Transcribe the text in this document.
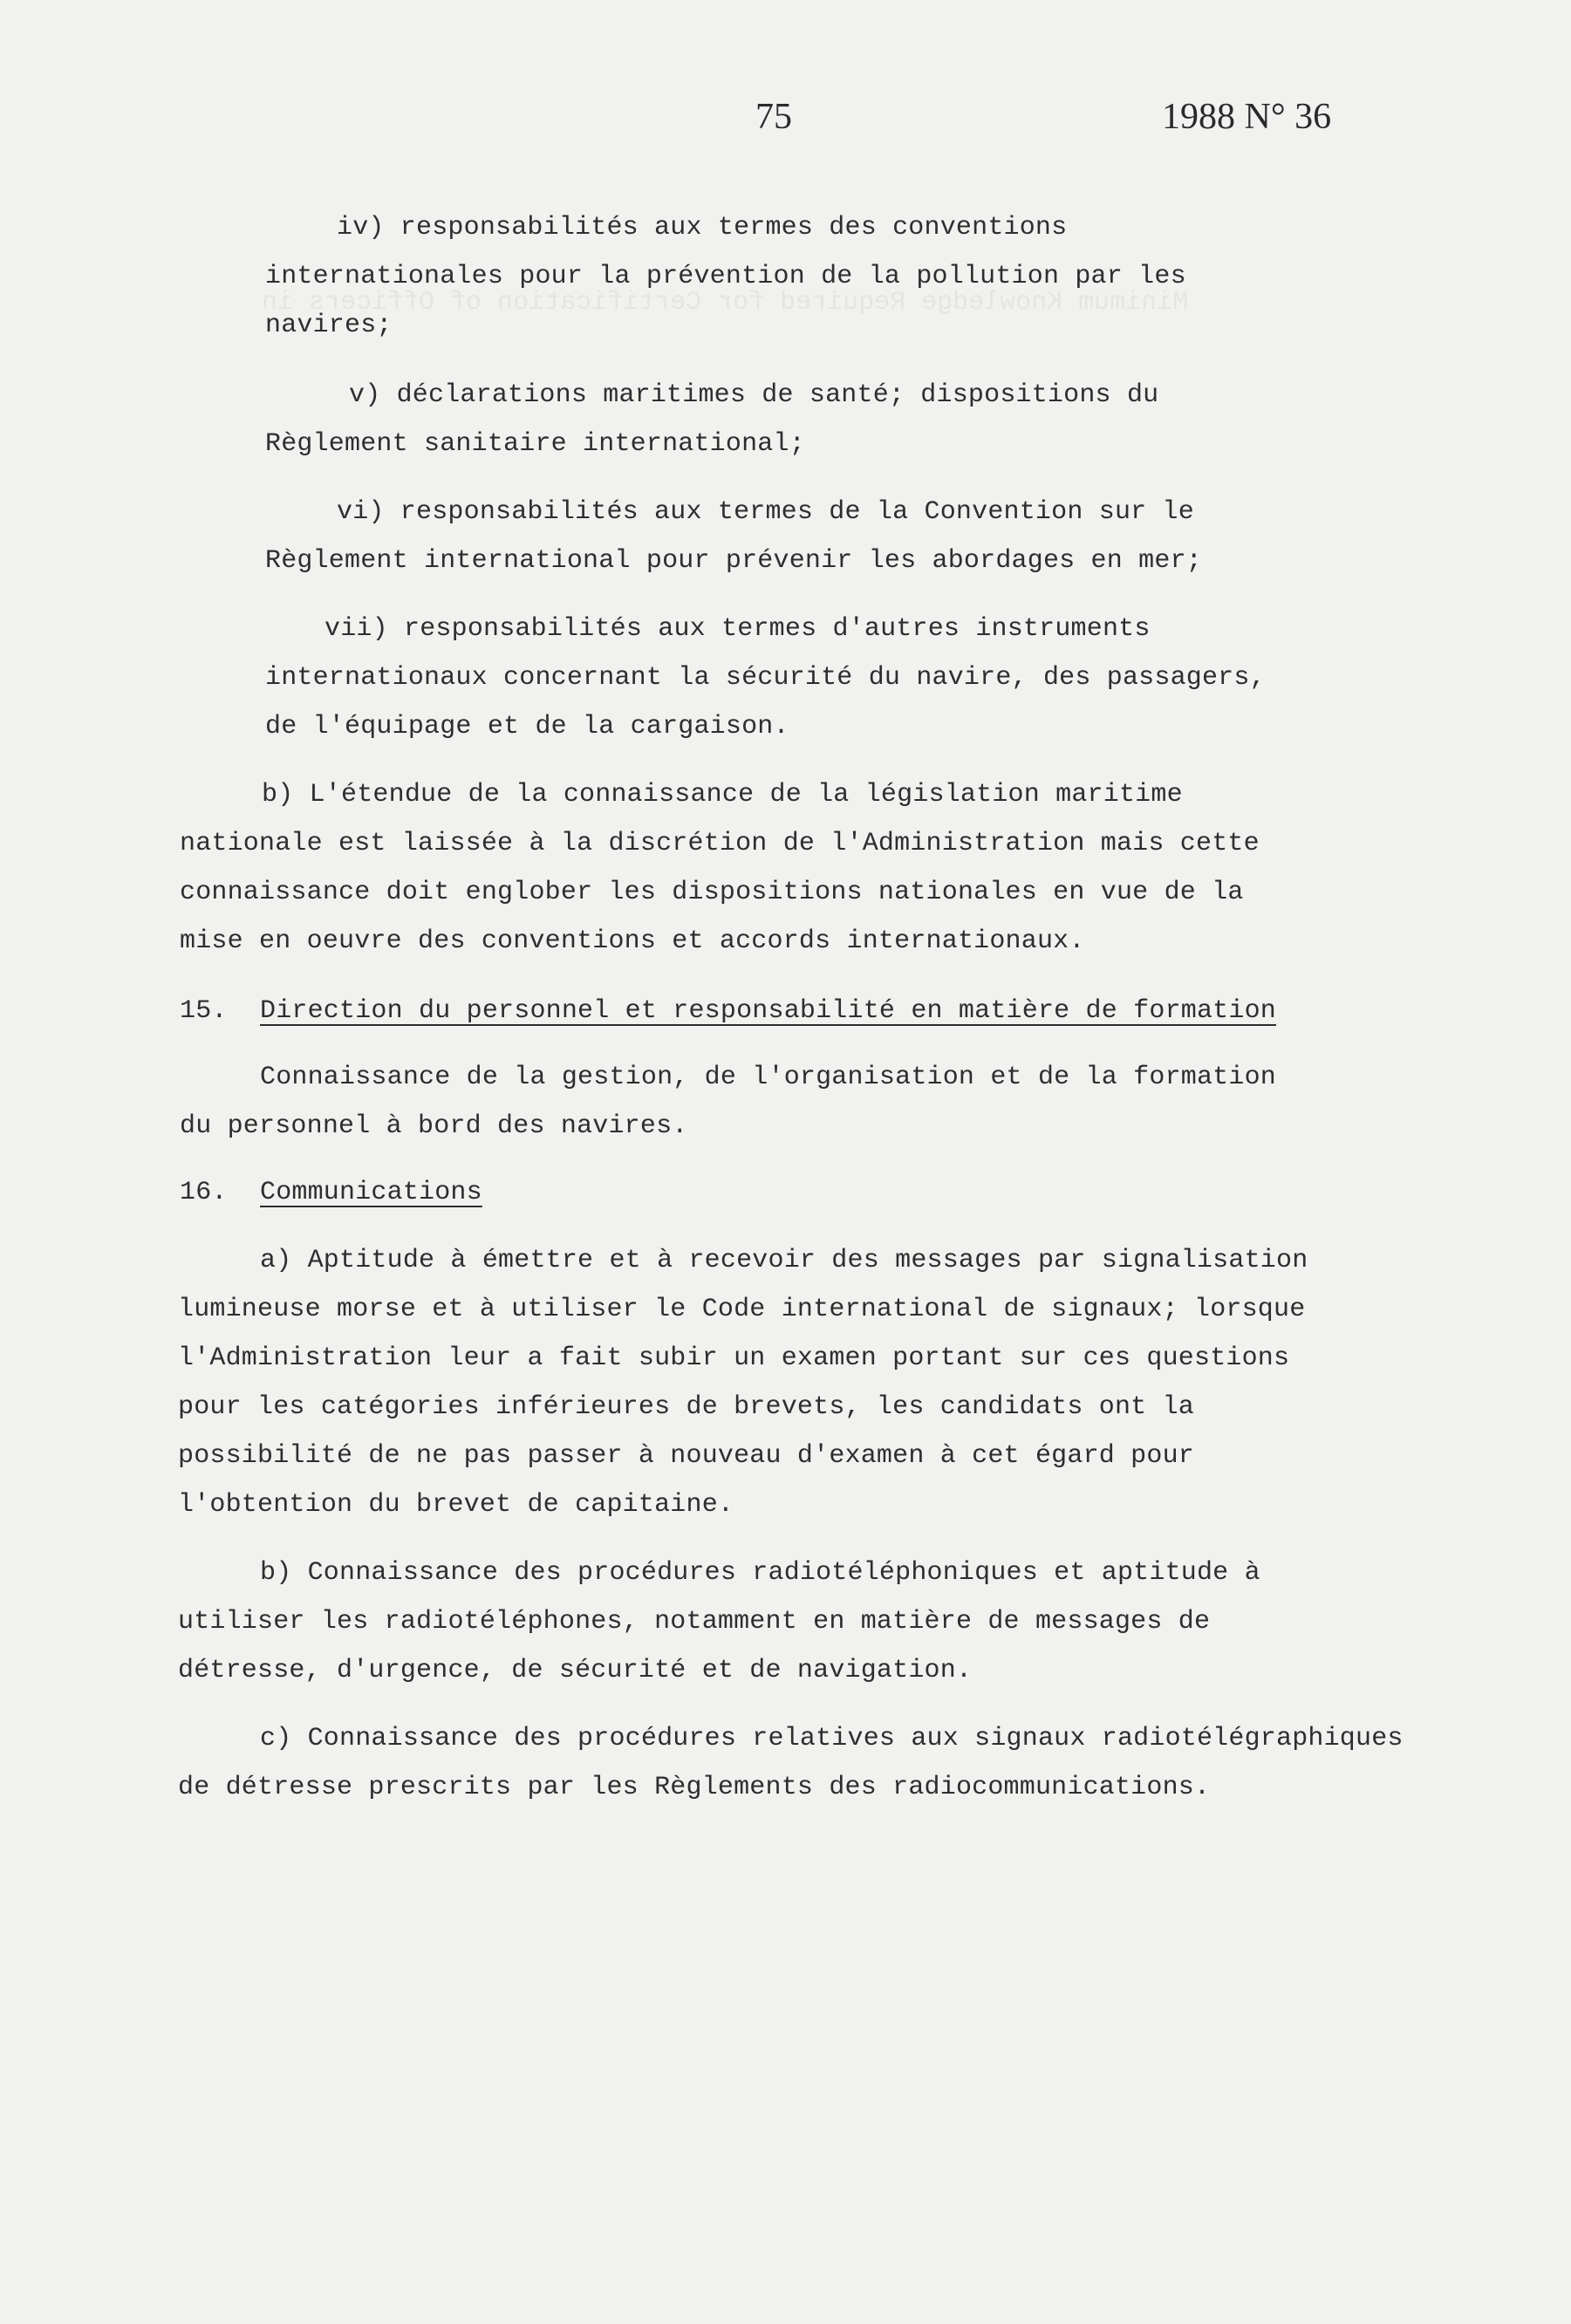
Minimum Knowledge Required for Certification of Officers in
75	1988 N° 36
iv) responsabilités aux termes des conventions
internationales pour la prévention de la pollution par les
navires;
v) déclarations maritimes de santé; dispositions du
Règlement sanitaire international;
vi) responsabilités aux termes de la Convention sur le
Règlement international pour prévenir les abordages en mer;
vii) responsabilités aux termes d'autres instruments
internationaux concernant la sécurité du navire, des passagers,
de l'équipage et de la cargaison.
b) L'étendue de la connaissance de la législation maritime
nationale est laissée à la discrétion de l'Administration mais cette
connaissance doit englober les dispositions nationales en vue de la
mise en oeuvre des conventions et accords internationaux.
15. Direction du personnel et responsabilité en matière de formation
Connaissance de la gestion, de l'organisation et de la formation
du personnel à bord des navires.
16. Communications
a) Aptitude à émettre et à recevoir des messages par signalisation
lumineuse morse et à utiliser le Code international de signaux; lorsque
l'Administration leur a fait subir un examen portant sur ces questions
pour les catégories inférieures de brevets, les candidats ont la
possibilité de ne pas passer à nouveau d'examen à cet égard pour
l'obtention du brevet de capitaine.
b) Connaissance des procédures radiotéléphoniques et aptitude à
utiliser les radiotéléphones, notamment en matière de messages de
détresse, d'urgence, de sécurité et de navigation.
c) Connaissance des procédures relatives aux signaux radiotélégraphiques
de détresse prescrits par les Règlements des radiocommunications.
